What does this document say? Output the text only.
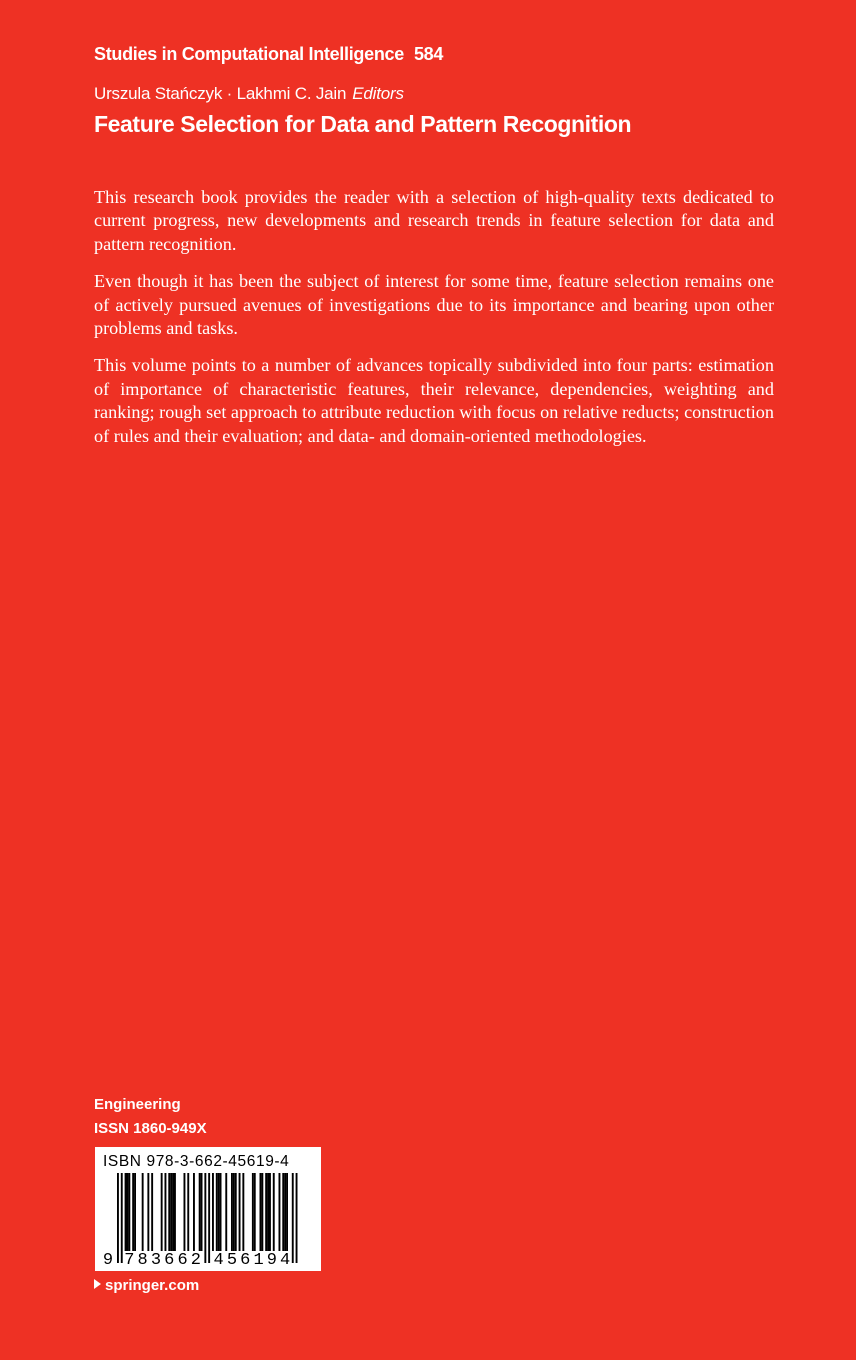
Studies in Computational Intelligence 584
Urszula Stańczyk · Lakhmi C. Jain Editors
Feature Selection for Data and Pattern Recognition

This research book provides the reader with a selection of high-quality texts dedicated to current progress, new developments and research trends in feature selection for data and pattern recognition.

Even though it has been the subject of interest for some time, feature selection remains one of actively pursued avenues of investigations due to its importance and bearing upon other problems and tasks.

This volume points to a number of advances topically subdivided into four parts: estimation of importance of characteristic features, their relevance, dependencies, weighting and ranking; rough set approach to attribute reduction with focus on relative reducts; construction of rules and their evaluation; and data- and domain-oriented methodologies.

Engineering
ISSN 1860-949X
ISBN 978-3-662-45619-4
9 7 8 3 6 6 2 4 5 6 1 9 4
springer.com
